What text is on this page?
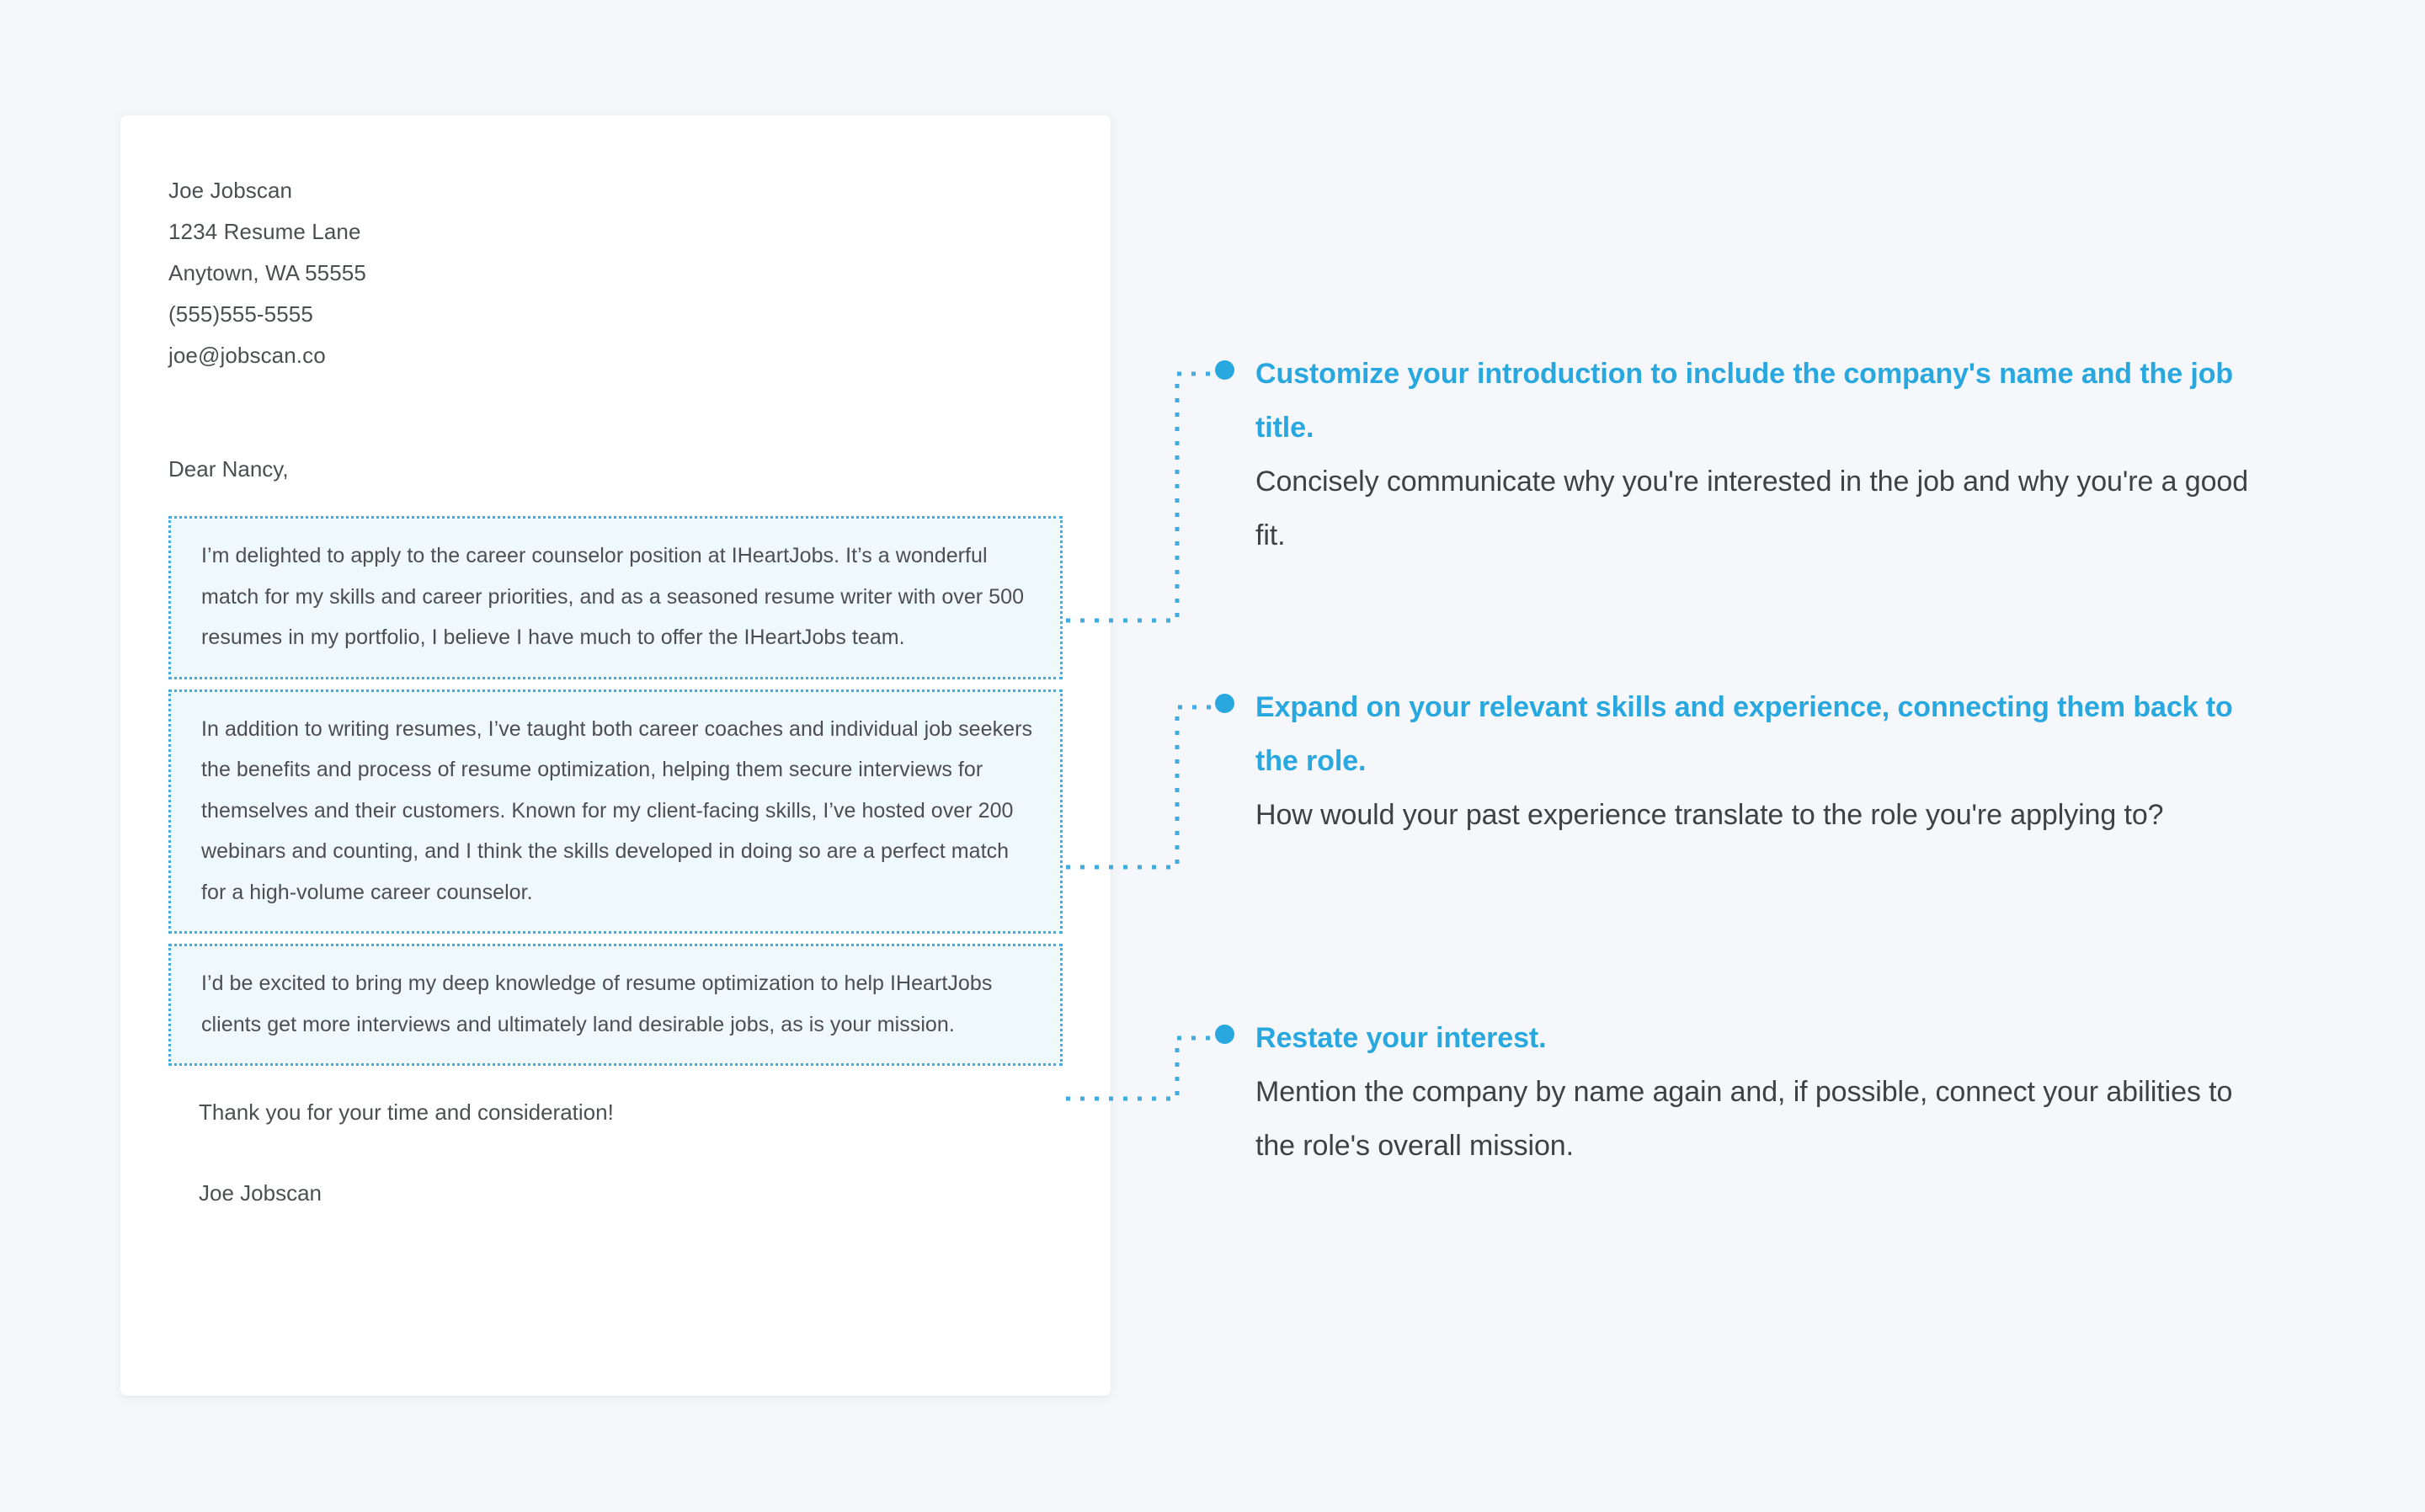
Joe Jobscan
1234 Resume Lane
Anytown, WA 55555
(555)555-5555
joe@jobscan.co
Dear Nancy,

I’m delighted to apply to the career counselor position at IHeartJobs. It’s a wonderful match for my skills and career priorities, and as a seasoned resume writer with over 500 resumes in my portfolio, I believe I have much to offer the IHeartJobs team.

In addition to writing resumes, I’ve taught both career coaches and individual job seekers the benefits and process of resume optimization, helping them secure interviews for themselves and their customers. Known for my client-facing skills, I’ve hosted over 200 webinars and counting, and I think the skills developed in doing so are a perfect match for a high-volume career counselor.

I’d be excited to bring my deep knowledge of resume optimization to help IHeartJobs clients get more interviews and ultimately land desirable jobs, as is your mission.

Thank you for your time and consideration!
Joe Jobscan
Customize your introduction to include the company's name and the job title.
Concisely communicate why you're interested in the job and why you're a good fit.
Expand on your relevant skills and experience, connecting them back to the role.
How would your past experience translate to the role you're applying to?
Restate your interest.
Mention the company by name again and, if possible, connect your abilities to the role's overall mission.
